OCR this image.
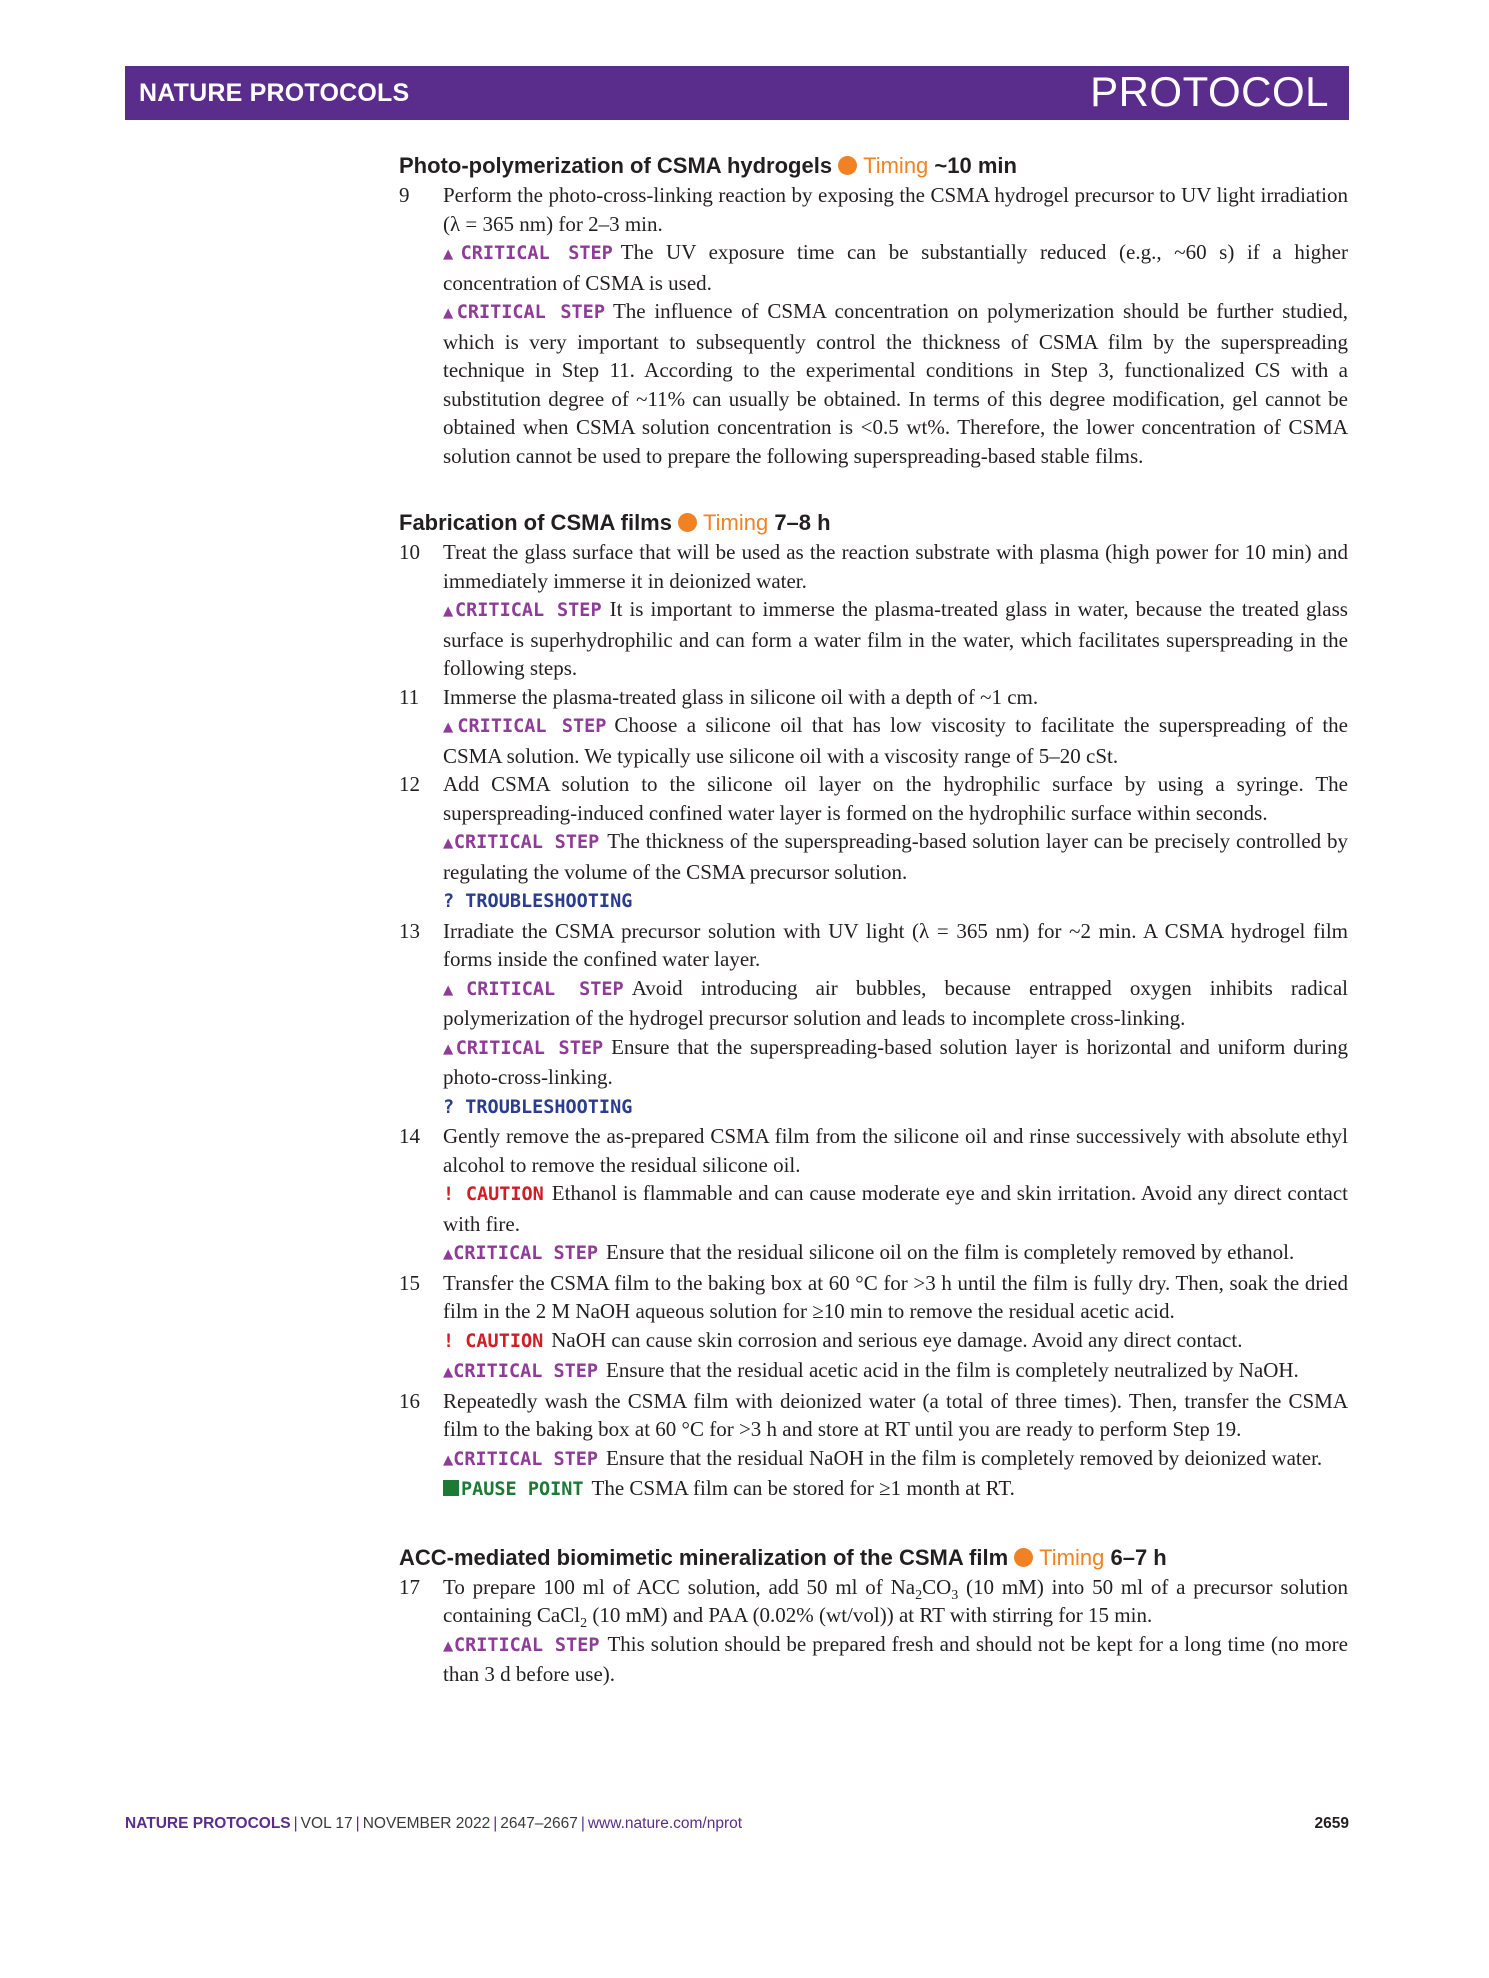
NATURE PROTOCOLS	PROTOCOL
Photo-polymerization of CSMA hydrogels Timing ~10 min
9	Perform the photo-cross-linking reaction by exposing the CSMA hydrogel precursor to UV light irradiation (λ = 365 nm) for 2–3 min.

▲CRITICAL STEP The UV exposure time can be substantially reduced (e.g., ~60 s) if a higher concentration of CSMA is used.

▲CRITICAL STEP The influence of CSMA concentration on polymerization should be further studied, which is very important to subsequently control the thickness of CSMA film by the superspreading technique in Step 11. According to the experimental conditions in Step 3, functionalized CS with a substitution degree of ~11% can usually be obtained. In terms of this degree modification, gel cannot be obtained when CSMA solution concentration is <0.5 wt%. Therefore, the lower concentration of CSMA solution cannot be used to prepare the following superspreading-based stable films.

Fabrication of CSMA films Timing 7–8 h
10	Treat the glass surface that will be used as the reaction substrate with plasma (high power for 10 min) and immediately immerse it in deionized water.

▲CRITICAL STEP It is important to immerse the plasma-treated glass in water, because the treated glass surface is superhydrophilic and can form a water film in the water, which facilitates superspreading in the following steps.

11	Immerse the plasma-treated glass in silicone oil with a depth of ~1 cm.

▲CRITICAL STEP Choose a silicone oil that has low viscosity to facilitate the superspreading of the CSMA solution. We typically use silicone oil with a viscosity range of 5–20 cSt.

12	Add CSMA solution to the silicone oil layer on the hydrophilic surface by using a syringe. The superspreading-induced confined water layer is formed on the hydrophilic surface within seconds.

▲CRITICAL STEP The thickness of the superspreading-based solution layer can be precisely controlled by regulating the volume of the CSMA precursor solution.

? TROUBLESHOOTING

13	Irradiate the CSMA precursor solution with UV light (λ = 365 nm) for ~2 min. A CSMA hydrogel film forms inside the confined water layer.

▲CRITICAL STEP Avoid introducing air bubbles, because entrapped oxygen inhibits radical polymerization of the hydrogel precursor solution and leads to incomplete cross-linking.

▲CRITICAL STEP Ensure that the superspreading-based solution layer is horizontal and uniform during photo-cross-linking.

? TROUBLESHOOTING

14	Gently remove the as-prepared CSMA film from the silicone oil and rinse successively with absolute ethyl alcohol to remove the residual silicone oil.

! CAUTION Ethanol is flammable and can cause moderate eye and skin irritation. Avoid any direct contact with fire.

▲CRITICAL STEP Ensure that the residual silicone oil on the film is completely removed by ethanol.

15	Transfer the CSMA film to the baking box at 60 °C for >3 h until the film is fully dry. Then, soak the dried film in the 2 M NaOH aqueous solution for ≥10 min to remove the residual acetic acid.

! CAUTION NaOH can cause skin corrosion and serious eye damage. Avoid any direct contact.

▲CRITICAL STEP Ensure that the residual acetic acid in the film is completely neutralized by NaOH.

16	Repeatedly wash the CSMA film with deionized water (a total of three times). Then, transfer the CSMA film to the baking box at 60 °C for >3 h and store at RT until you are ready to perform Step 19.

▲CRITICAL STEP Ensure that the residual NaOH in the film is completely removed by deionized water.

PAUSE POINT The CSMA film can be stored for ≥1 month at RT.

ACC-mediated biomimetic mineralization of the CSMA film Timing 6–7 h
17	To prepare 100 ml of ACC solution, add 50 ml of $Na_2CO_3$ (10 mM) into 50 ml of a precursor solution containing CaCl$_2$ (10 mM) and PAA (0.02% (wt/vol)) at RT with stirring for 15 min.

▲CRITICAL STEP This solution should be prepared fresh and should not be kept for a long time (no more than 3 d before use).

NATURE PROTOCOLS | VOL 17 | NOVEMBER 2022 | 2647–2667 | www.nature.com/nprot	2659
